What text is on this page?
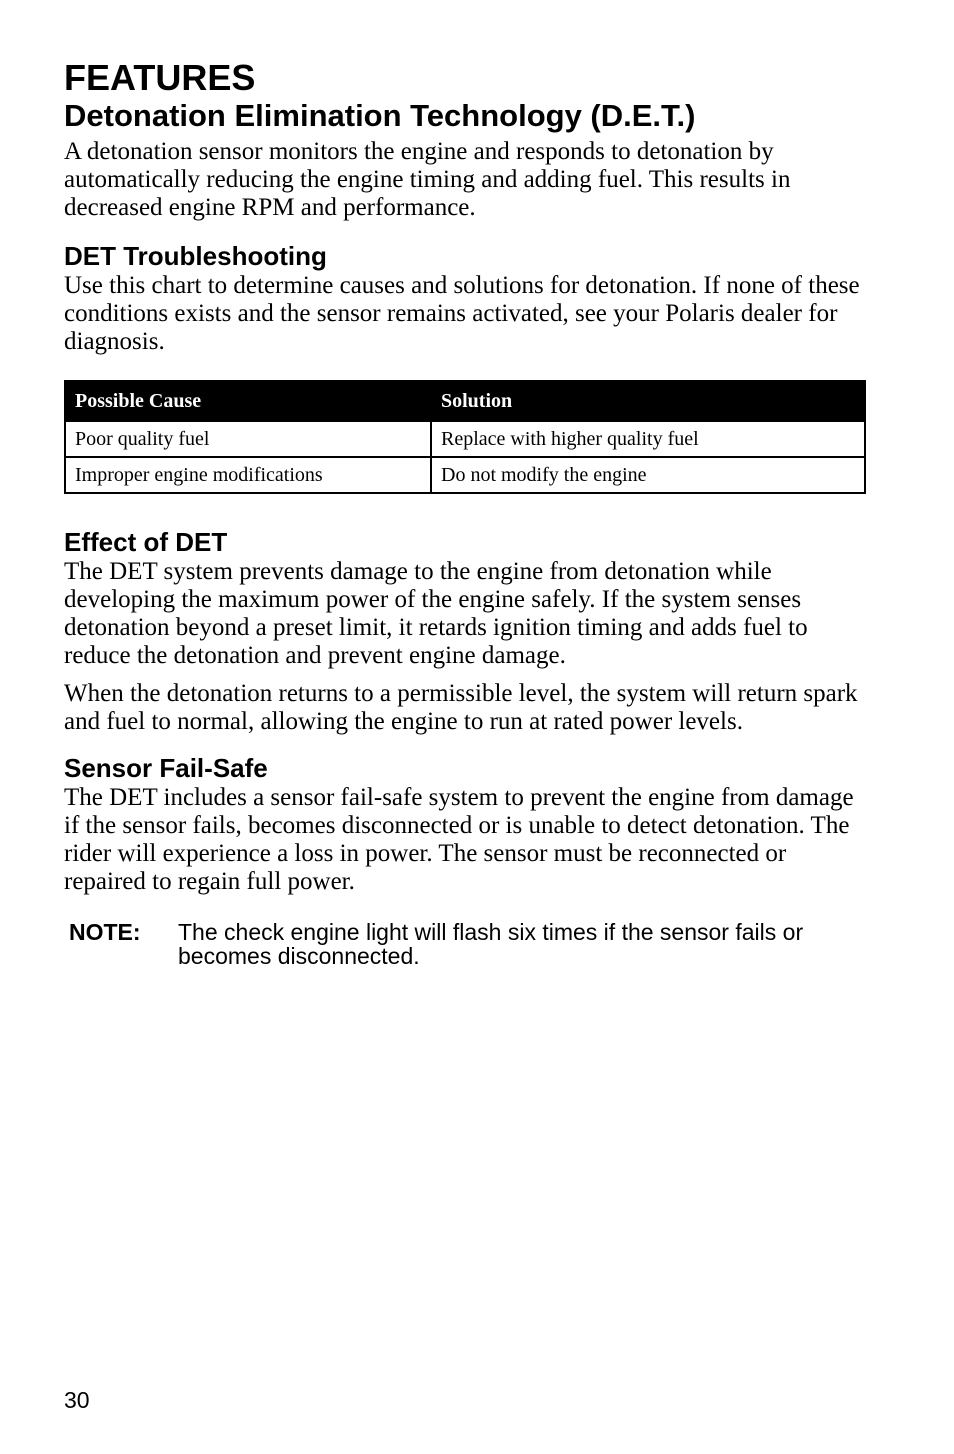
FEATURES
Detonation Elimination Technology (D.E.T.)

A detonation sensor monitors the engine and responds to detonation by automatically reducing the engine timing and adding fuel. This results in decreased engine RPM and performance.

DET Troubleshooting

Use this chart to determine causes and solutions for detonation. If none of these conditions exists and the sensor remains activated, see your Polaris dealer for diagnosis.

Possible Cause	Solution
Poor quality fuel	Replace with higher quality fuel
Improper engine modifications	Do not modify the engine
Effect of DET

The DET system prevents damage to the engine from detonation while developing the maximum power of the engine safely. If the system senses detonation beyond a preset limit, it retards ignition timing and adds fuel to reduce the detonation and prevent engine damage.

When the detonation returns to a permissible level, the system will return spark and fuel to normal, allowing the engine to run at rated power levels.

Sensor Fail-Safe

The DET includes a sensor fail-safe system to prevent the engine from damage if the sensor fails, becomes disconnected or is unable to detect detonation. The rider will experience a loss in power. The sensor must be reconnected or repaired to regain full power.

NOTE:	The check engine light will flash six times if the sensor fails or becomes disconnected.
30
